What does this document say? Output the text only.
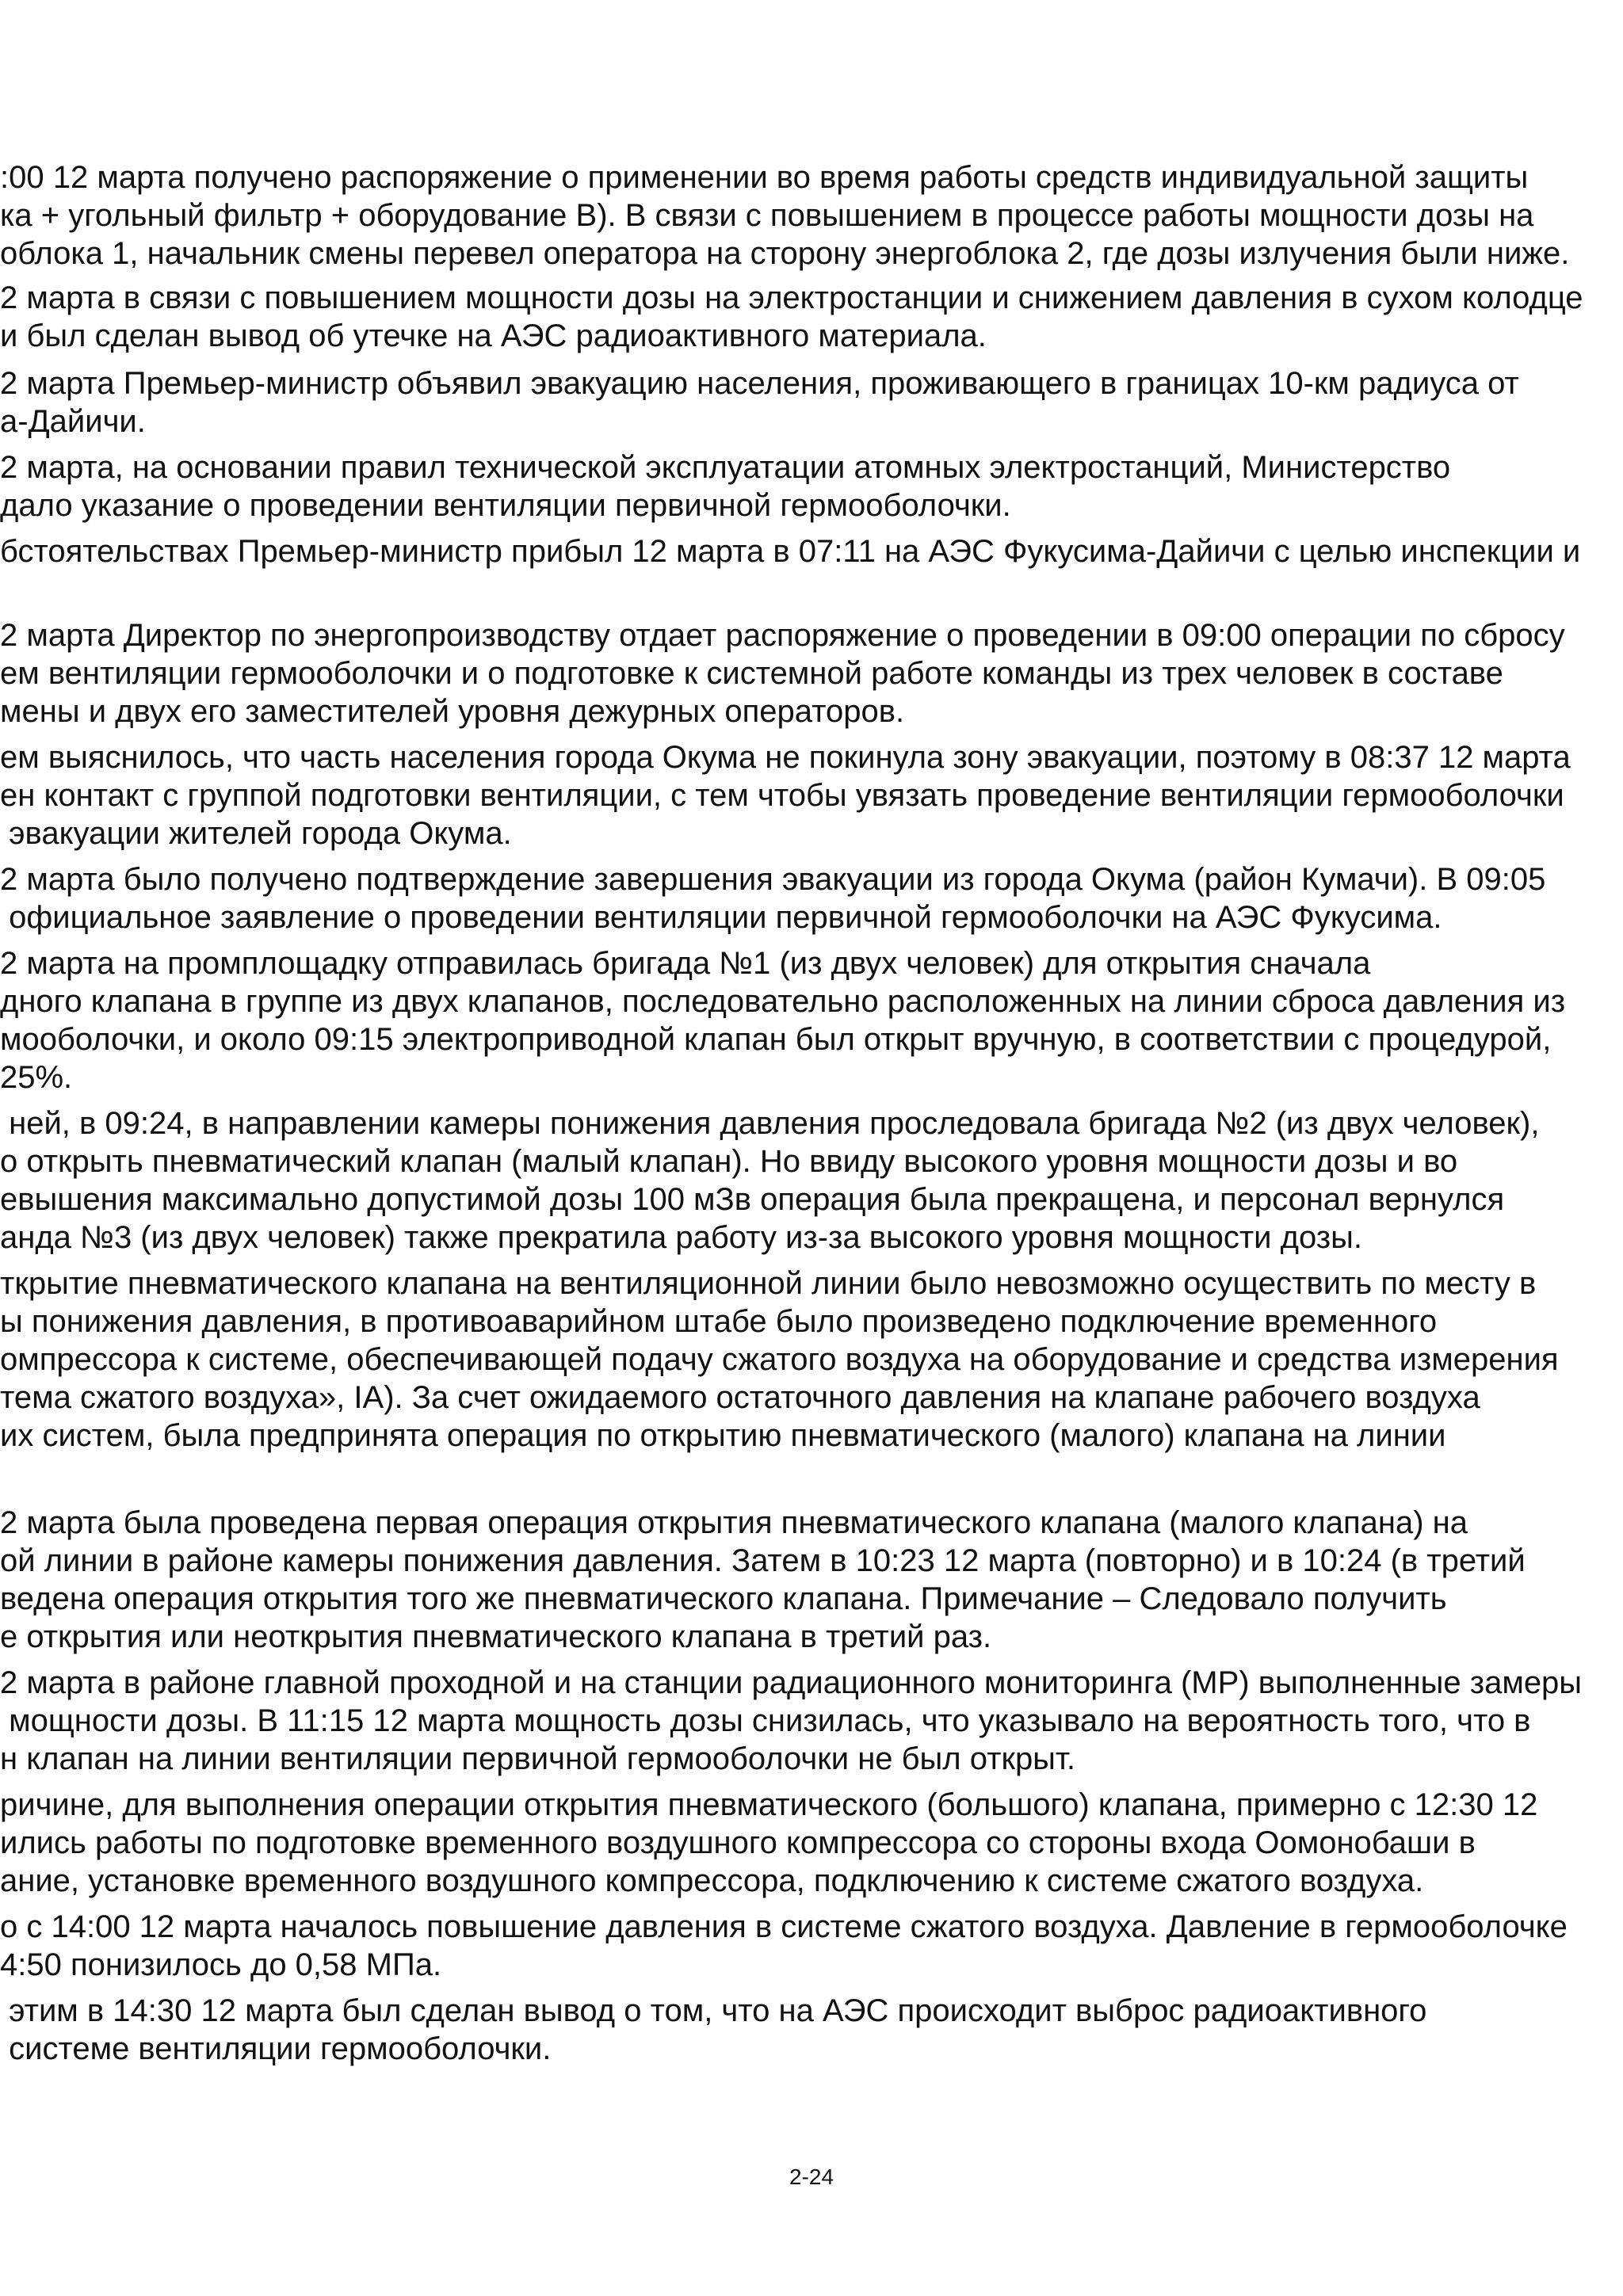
:00 12 марта получено распоряжение о применении во время работы средств индивидуальной защиты
ка + угольный фильтр + оборудование В). В связи с повышением в процессе работы мощности дозы на
облока 1, начальник смены перевел оператора на сторону энергоблока 2, где дозы излучения были ниже.
2 марта в связи с повышением мощности дозы на электростанции и снижением давления в сухом колодце
и был сделан вывод об утечке на АЭС радиоактивного материала.
2 марта Премьер-министр объявил эвакуацию населения, проживающего в границах 10-км радиуса от
а-Дайичи.
2 марта, на основании правил технической эксплуатации атомных электростанций, Министерство
дало указание о проведении вентиляции первичной гермооболочки.
бстоятельствах Премьер-министр прибыл 12 марта в 07:11 на АЭС Фукусима-Дайичи с целью инспекции и
2 марта Директор по энергопроизводству отдает распоряжение о проведении в 09:00 операции по сбросу
ем вентиляции гермооболочки и о подготовке к системной работе команды из трех человек в составе
мены и двух его заместителей уровня дежурных операторов.
ем выяснилось, что часть населения города Окума не покинула зону эвакуации, поэтому в 08:37 12 марта
ен контакт с группой подготовки вентиляции, с тем чтобы увязать проведение вентиляции гермооболочки
эвакуации жителей города Окума.
2 марта было получено подтверждение завершения эвакуации из города Окума (район Кумачи). В 09:05
официальное заявление о проведении вентиляции первичной гермооболочки на АЭС Фукусима.
2 марта на промплощадку отправилась бригада №1 (из двух человек) для открытия сначала
дного клапана в группе из двух клапанов, последовательно расположенных на линии сброса давления из
мооболочки, и около 09:15 электроприводной клапан был открыт вручную, в соответствии с процедурой,
25%.
ней, в 09:24, в направлении камеры понижения давления проследовала бригада №2 (из двух человек),
о открыть пневматический клапан (малый клапан). Но ввиду высокого уровня мощности дозы и во
евышения максимально допустимой дозы 100 мЗв операция была прекращена, и персонал вернулся
анда №3 (из двух человек) также прекратила работу из-за высокого уровня мощности дозы.
ткрытие пневматического клапана на вентиляционной линии было невозможно осуществить по месту в
ы понижения давления, в противоаварийном штабе было произведено подключение временного
омпрессора к системе, обеспечивающей подачу сжатого воздуха на оборудование и средства измерения
тема сжатого воздуха», IA). За счет ожидаемого остаточного давления на клапане рабочего воздуха
их систем, была предпринята операция по открытию пневматического (малого) клапана на линии
2 марта была проведена первая операция открытия пневматического клапана (малого клапана) на
ой линии в районе камеры понижения давления. Затем в 10:23 12 марта (повторно) и в 10:24 (в третий
ведена операция открытия того же пневматического клапана. Примечание – Следовало получить
е открытия или неоткрытия пневматического клапана в третий раз.
2 марта в районе главной проходной и на станции радиационного мониторинга (МР) выполненные замеры
мощности дозы. В 11:15 12 марта мощность дозы снизилась, что указывало на вероятность того, что в
н клапан на линии вентиляции первичной гермооболочки не был открыт.
ричине, для выполнения операции открытия пневматического (большого) клапана, примерно с 12:30 12
ились работы по подготовке временного воздушного компрессора со стороны входа Оомонобаши в
ание, установке временного воздушного компрессора, подключению к системе сжатого воздуха.
о с 14:00 12 марта началось повышение давления в системе сжатого воздуха. Давление в гермооболочке
4:50 понизилось до 0,58 МПа.
этим в 14:30 12 марта был сделан вывод о том, что на АЭС происходит выброс радиоактивного
системе вентиляции гермооболочки.
2-24
